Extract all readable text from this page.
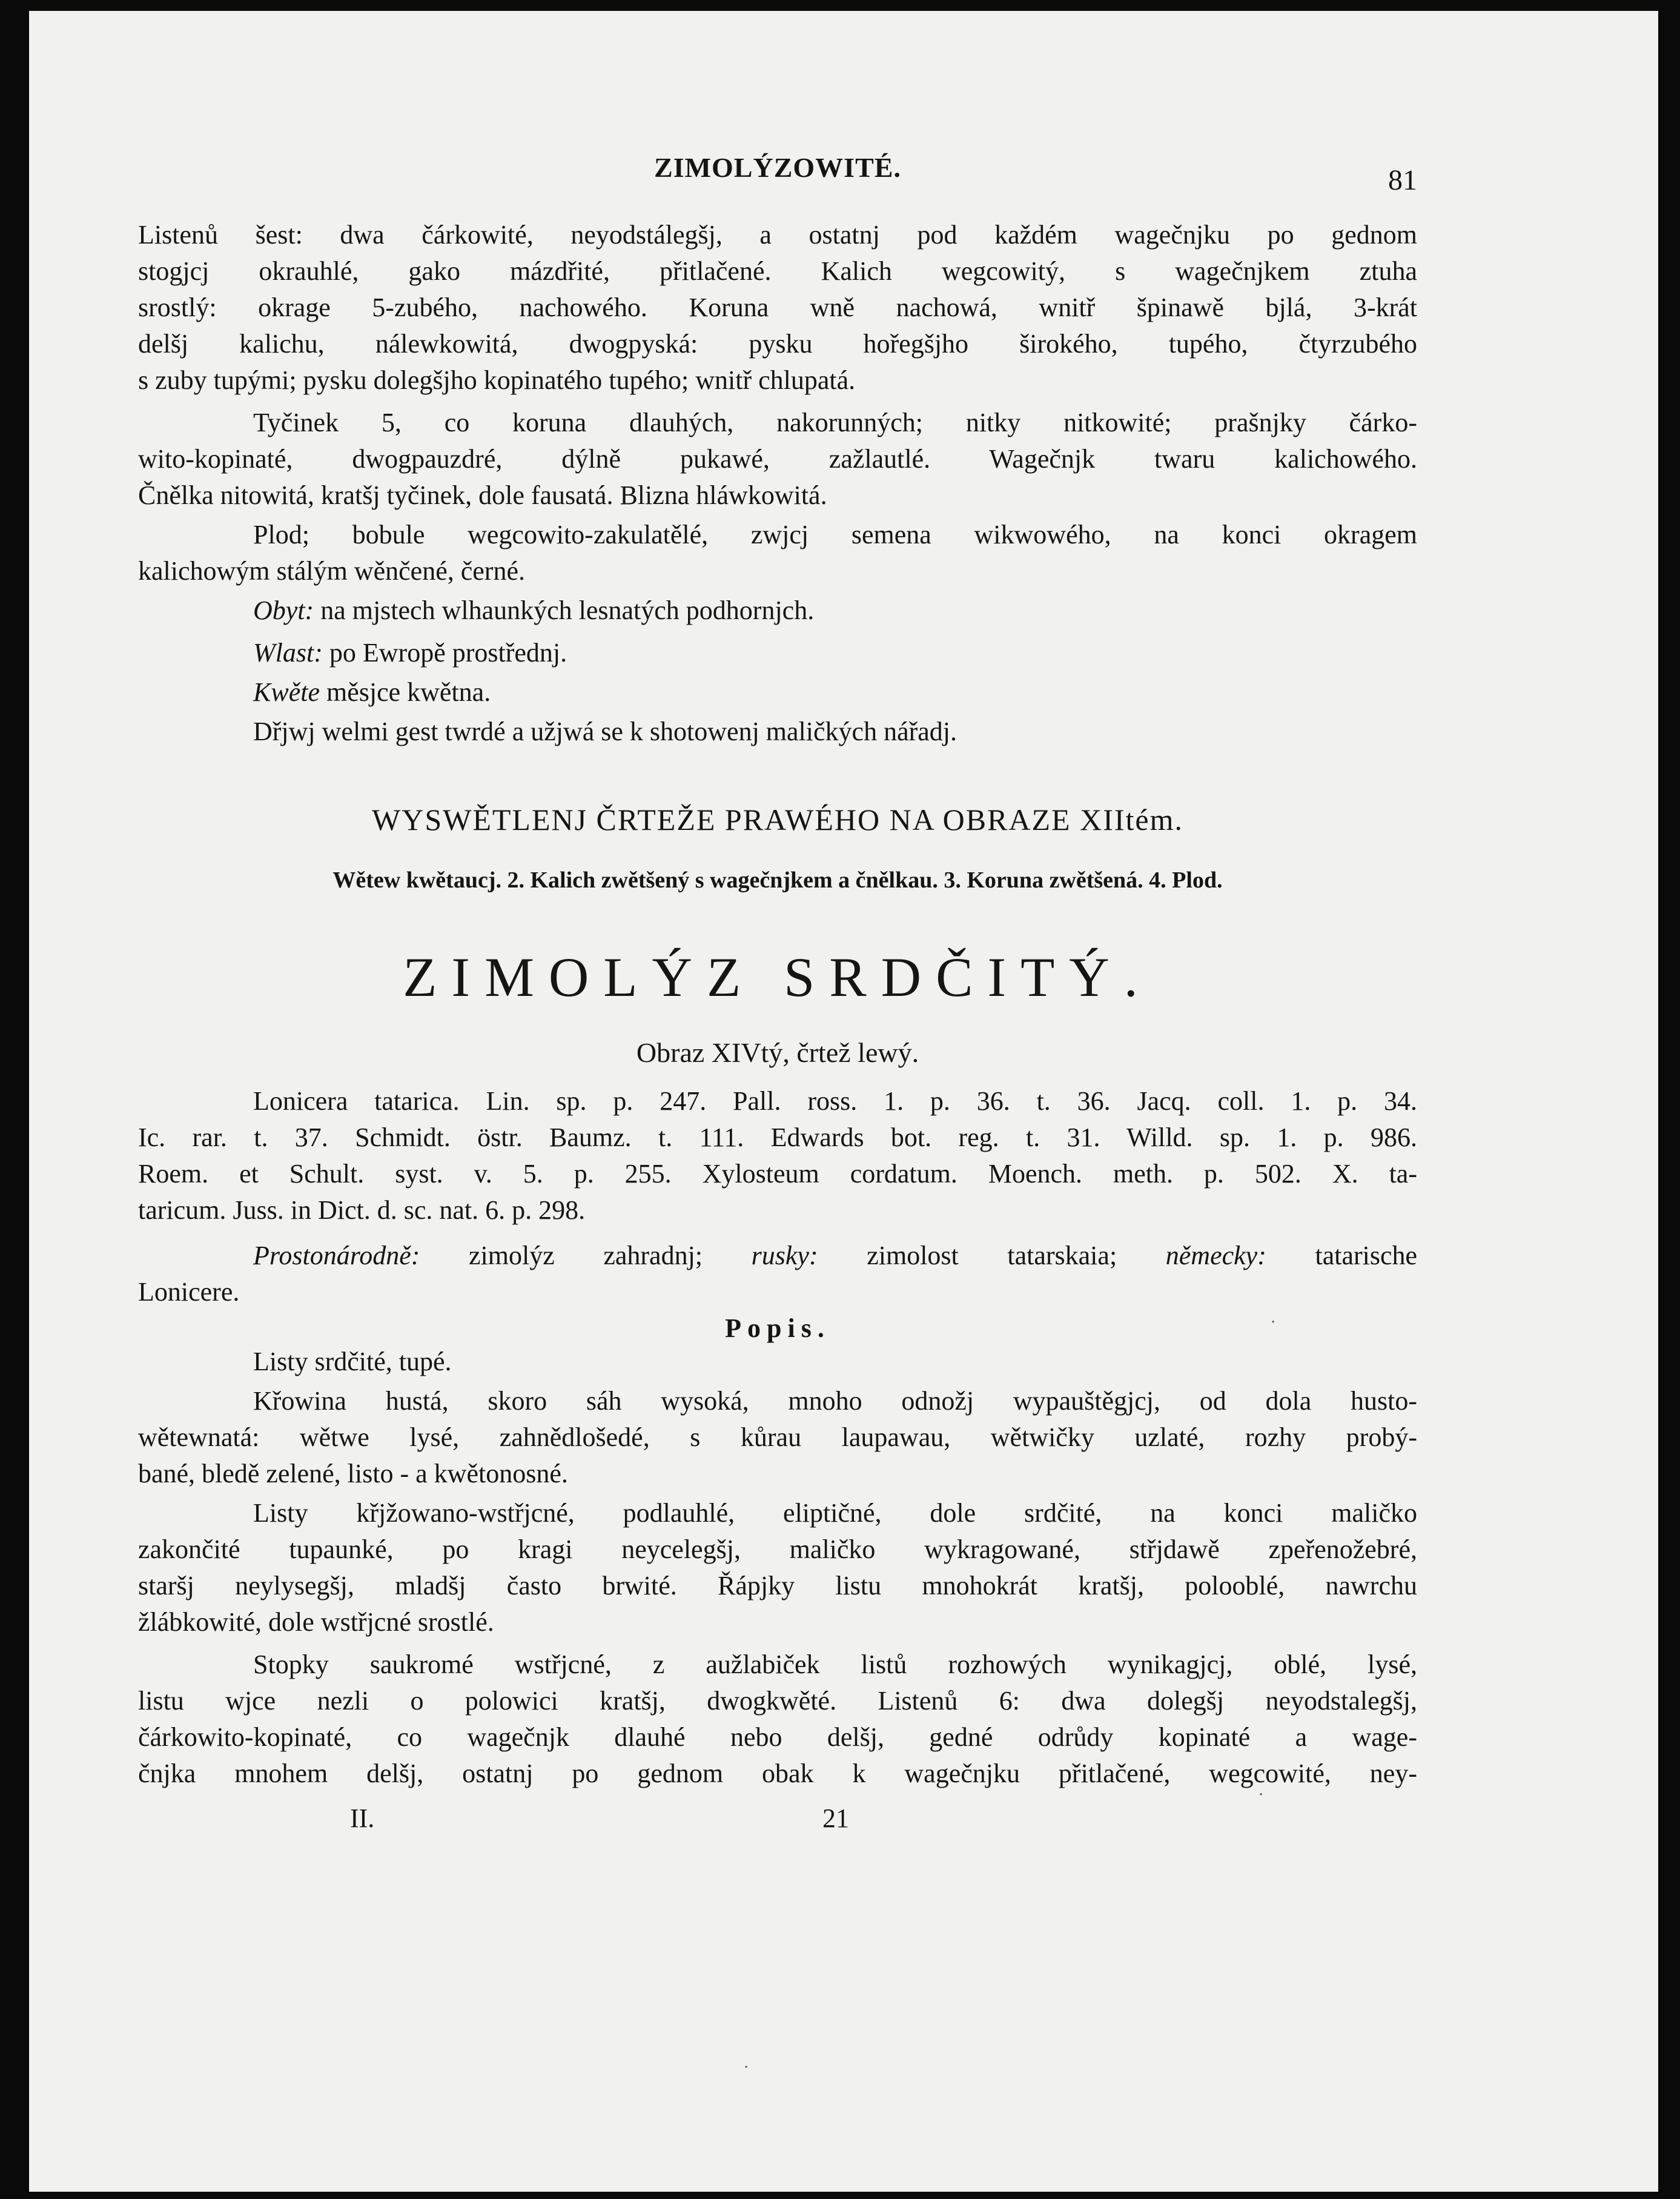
ZIMOLÝZOWITÉ.	81

Listenů šest: dwa čárkowité, neyodstálegšj, a ostatnj pod každém wagečnjku po gednom

stogjcj okrauhlé, gako mázdřité, přitlačené. Kalich wegcowitý, s wagečnjkem ztuha

srostlý: okrage 5-zubého, nachowého. Koruna wně nachowá, wnitř špinawě bjlá, 3-krát

delšj kalichu, nálewkowitá, dwogpyská: pysku hořegšjho širokého, tupého, čtyrzubého

s zuby tupými; pysku dolegšjho kopinatého tupého; wnitř chlupatá.

Tyčinek 5, co koruna dlauhých, nakorunných; nitky nitkowité; prašnjky čárko-

wito-kopinaté, dwogpauzdré, dýlně pukawé, zažlautlé. Wagečnjk twaru kalichowého.

Čnělka nitowitá, kratšj tyčinek, dole fausatá. Blizna hláwkowitá.

Plod; bobule wegcowito-zakulatělé, zwjcj semena wikwowého, na konci okragem

kalichowým stálým wěnčené, černé.

Obyt: na mjstech wlhaunkých lesnatých podhornjch.

Wlast: po Ewropě prostřednj.

Kwěte měsjce kwětna.

Dřjwj welmi gest twrdé a užjwá se k shotowenj maličkých nářadj.

WYSWĚTLENJ ČRTEŽE PRAWÉHO NA OBRAZE XIItém.

Wětew kwětaucj. 2. Kalich zwětšený s wagečnjkem a čnělkau. 3. Koruna zwětšená. 4. Plod.

ZIMOLÝZ SRDČITÝ.

Obraz XIVtý, črtež lewý.

Lonicera tatarica. Lin. sp. p. 247. Pall. ross. 1. p. 36. t. 36. Jacq. coll. 1. p. 34.

Ic. rar. t. 37. Schmidt. östr. Baumz. t. 111. Edwards bot. reg. t. 31. Willd. sp. 1. p. 986.

Roem. et Schult. syst. v. 5. p. 255. Xylosteum cordatum. Moench. meth. p. 502. X. ta-

taricum. Juss. in Dict. d. sc. nat. 6. p. 298.

Prostonárodně: zimolýz zahradnj; rusky: zimolost tatarskaia; německy: tatarische

Lonicere.

Popis.

Listy srdčité, tupé.

Křowina hustá, skoro sáh wysoká, mnoho odnožj wypauštěgjcj, od dola husto-

wětewnatá: wětwe lysé, zahnědlošedé, s kůrau laupawau, wětwičky uzlaté, rozhy probý-

bané, bledě zelené, listo - a kwětonosné.

Listy křjžowano-wstřjcné, podlauhlé, eliptičné, dole srdčité, na konci maličko

zakončité tupaunké, po kragi neycelegšj, maličko wykragowané, střjdawě zpeřenožebré,

staršj neylysegšj, mladšj často brwité. Řápjky listu mnohokrát kratšj, polooblé, nawrchu

žlábkowité, dole wstřjcné srostlé.

Stopky saukromé wstřjcné, z aužlabiček listů rozhowých wynikagjcj, oblé, lysé,

listu wjce nezli o polowici kratšj, dwogkwěté. Listenů 6: dwa dolegšj neyodstalegšj,

čárkowito-kopinaté, co wagečnjk dlauhé nebo delšj, gedné odrůdy kopinaté a wage-

čnjka mnohem delšj, ostatnj po gednom obak k wagečnjku přitlačené, wegcowité, ney-

II.	21
·
·
·
